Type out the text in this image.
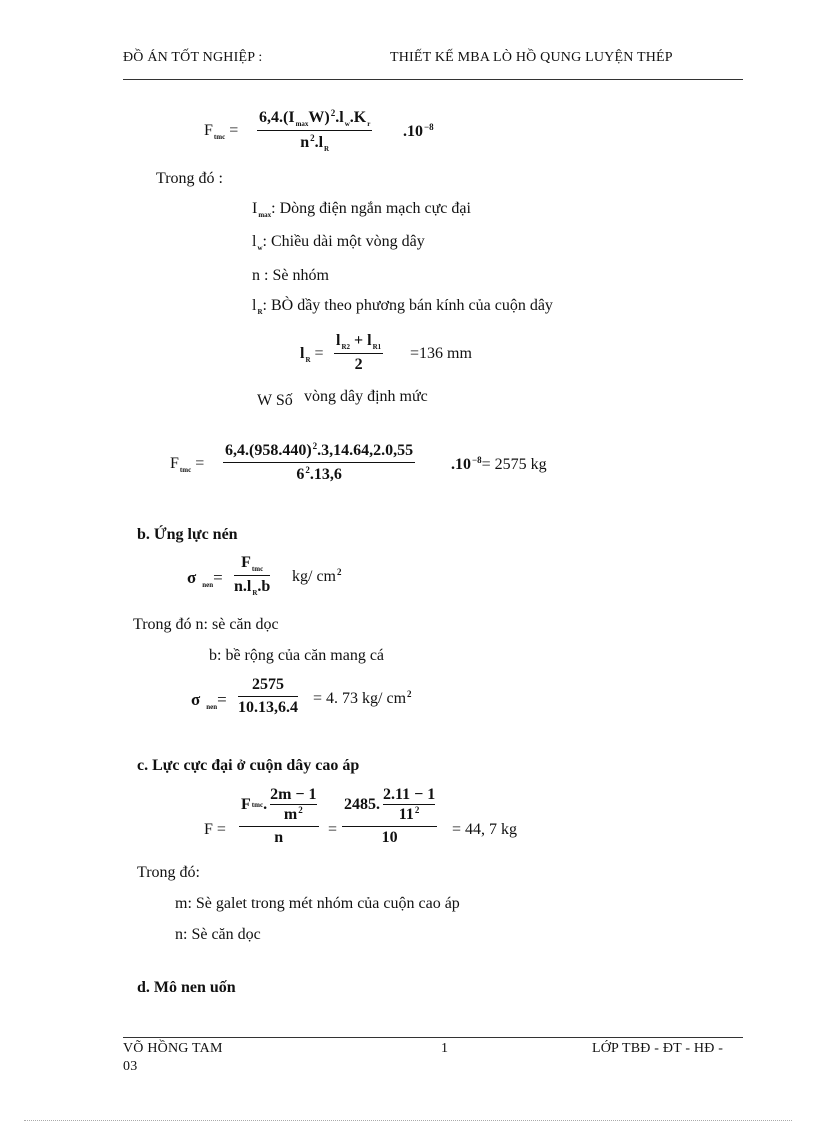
ĐỒ ÁN TỐT NGHIỆP :	THIẾT KẾ MBA LÒ HỒ QUNG LUYỆN THÉP
$F_{tmc}$ =
$6,4.(I_{max}W)^2.l_w.K_r$
$n^2.l_R$
$.10^{-8}$
Trong đó :
$I_{max}$: Dòng điện ngắn mạch cực đại
$l_w$: Chiều dài một vòng dây
n : Sè nhóm
$l_R$: BÒ dầy theo phương bán kính của cuộn dây
$l_R$ =
$l_{R2} + l_{R1}$
2
=136 mm
W Số vòng dây định mức
$F_{tmc}$ =
$6,4.(958.440)^2.3,14.64,2.0,55$
$6^2.13,6$
$.10^{-8}= 2575$ kg
b. Ứng lực nén
σ $_{nen}$=
$F_{tmc}$
$n.l_R.b$
kg/ $cm^2$
Trong đó n: sè căn dọc
b: bề rộng của căn mang cá
σ $_{nen}$=
2575
10.13,6.4
= 4. 73 kg/ $cm^2$
c. Lực cực đại ở cuộn dây cao áp
F =
F tmc .
2m − 1
$m^2$
n	=
2485.
2.11 − 1
$11^2$
10	= 44, 7 kg
Trong đó:
m: Sè galet trong mét nhóm của cuộn cao áp
n: Sè căn dọc
d. Mô nen uốn
VÕ HỒNG TAM
03
1	LỚP TBĐ - ĐT - HĐ -
